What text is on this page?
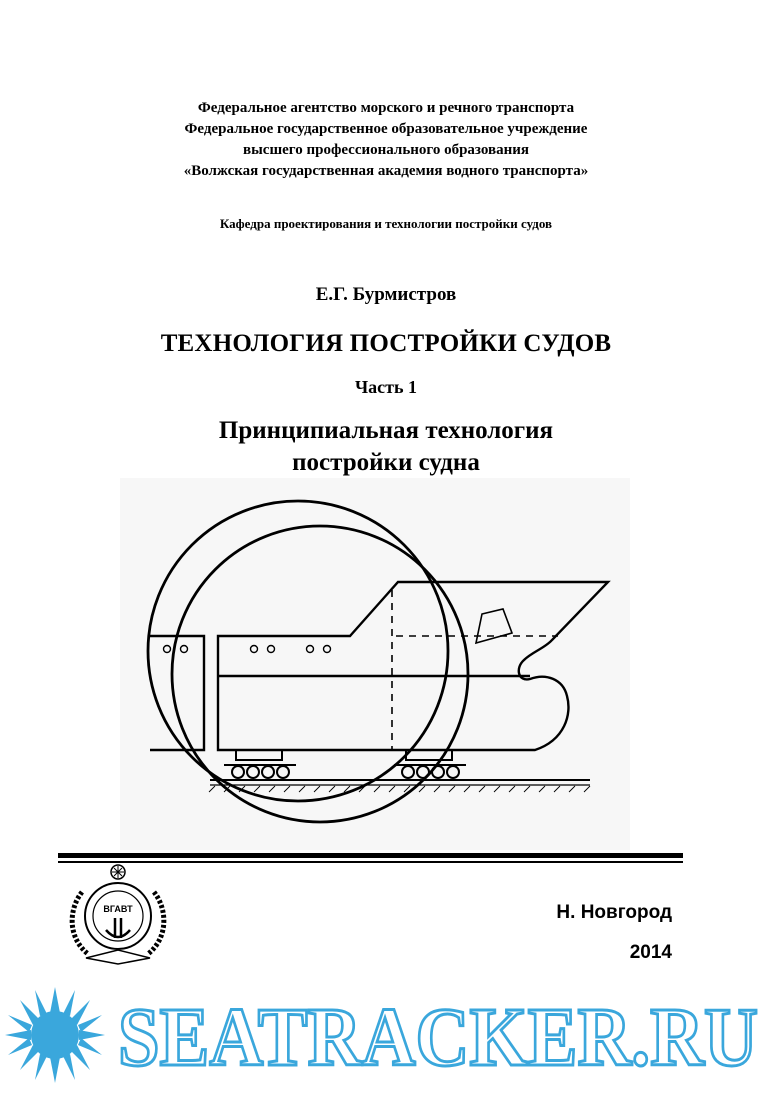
Федеральное агентство морского и речного транспорта
Федеральное государственное образовательное учреждение
высшего профессионального образования
«Волжская государственная академия водного транспорта»
Кафедра проектирования и технологии постройки судов
Е.Г. Бурмистров
ТЕХНОЛОГИЯ ПОСТРОЙКИ СУДОВ
Часть 1
Принципиальная технология
постройки судна
ВГАВТ	Н. Новгород
2014
SEATRACKER.RU
